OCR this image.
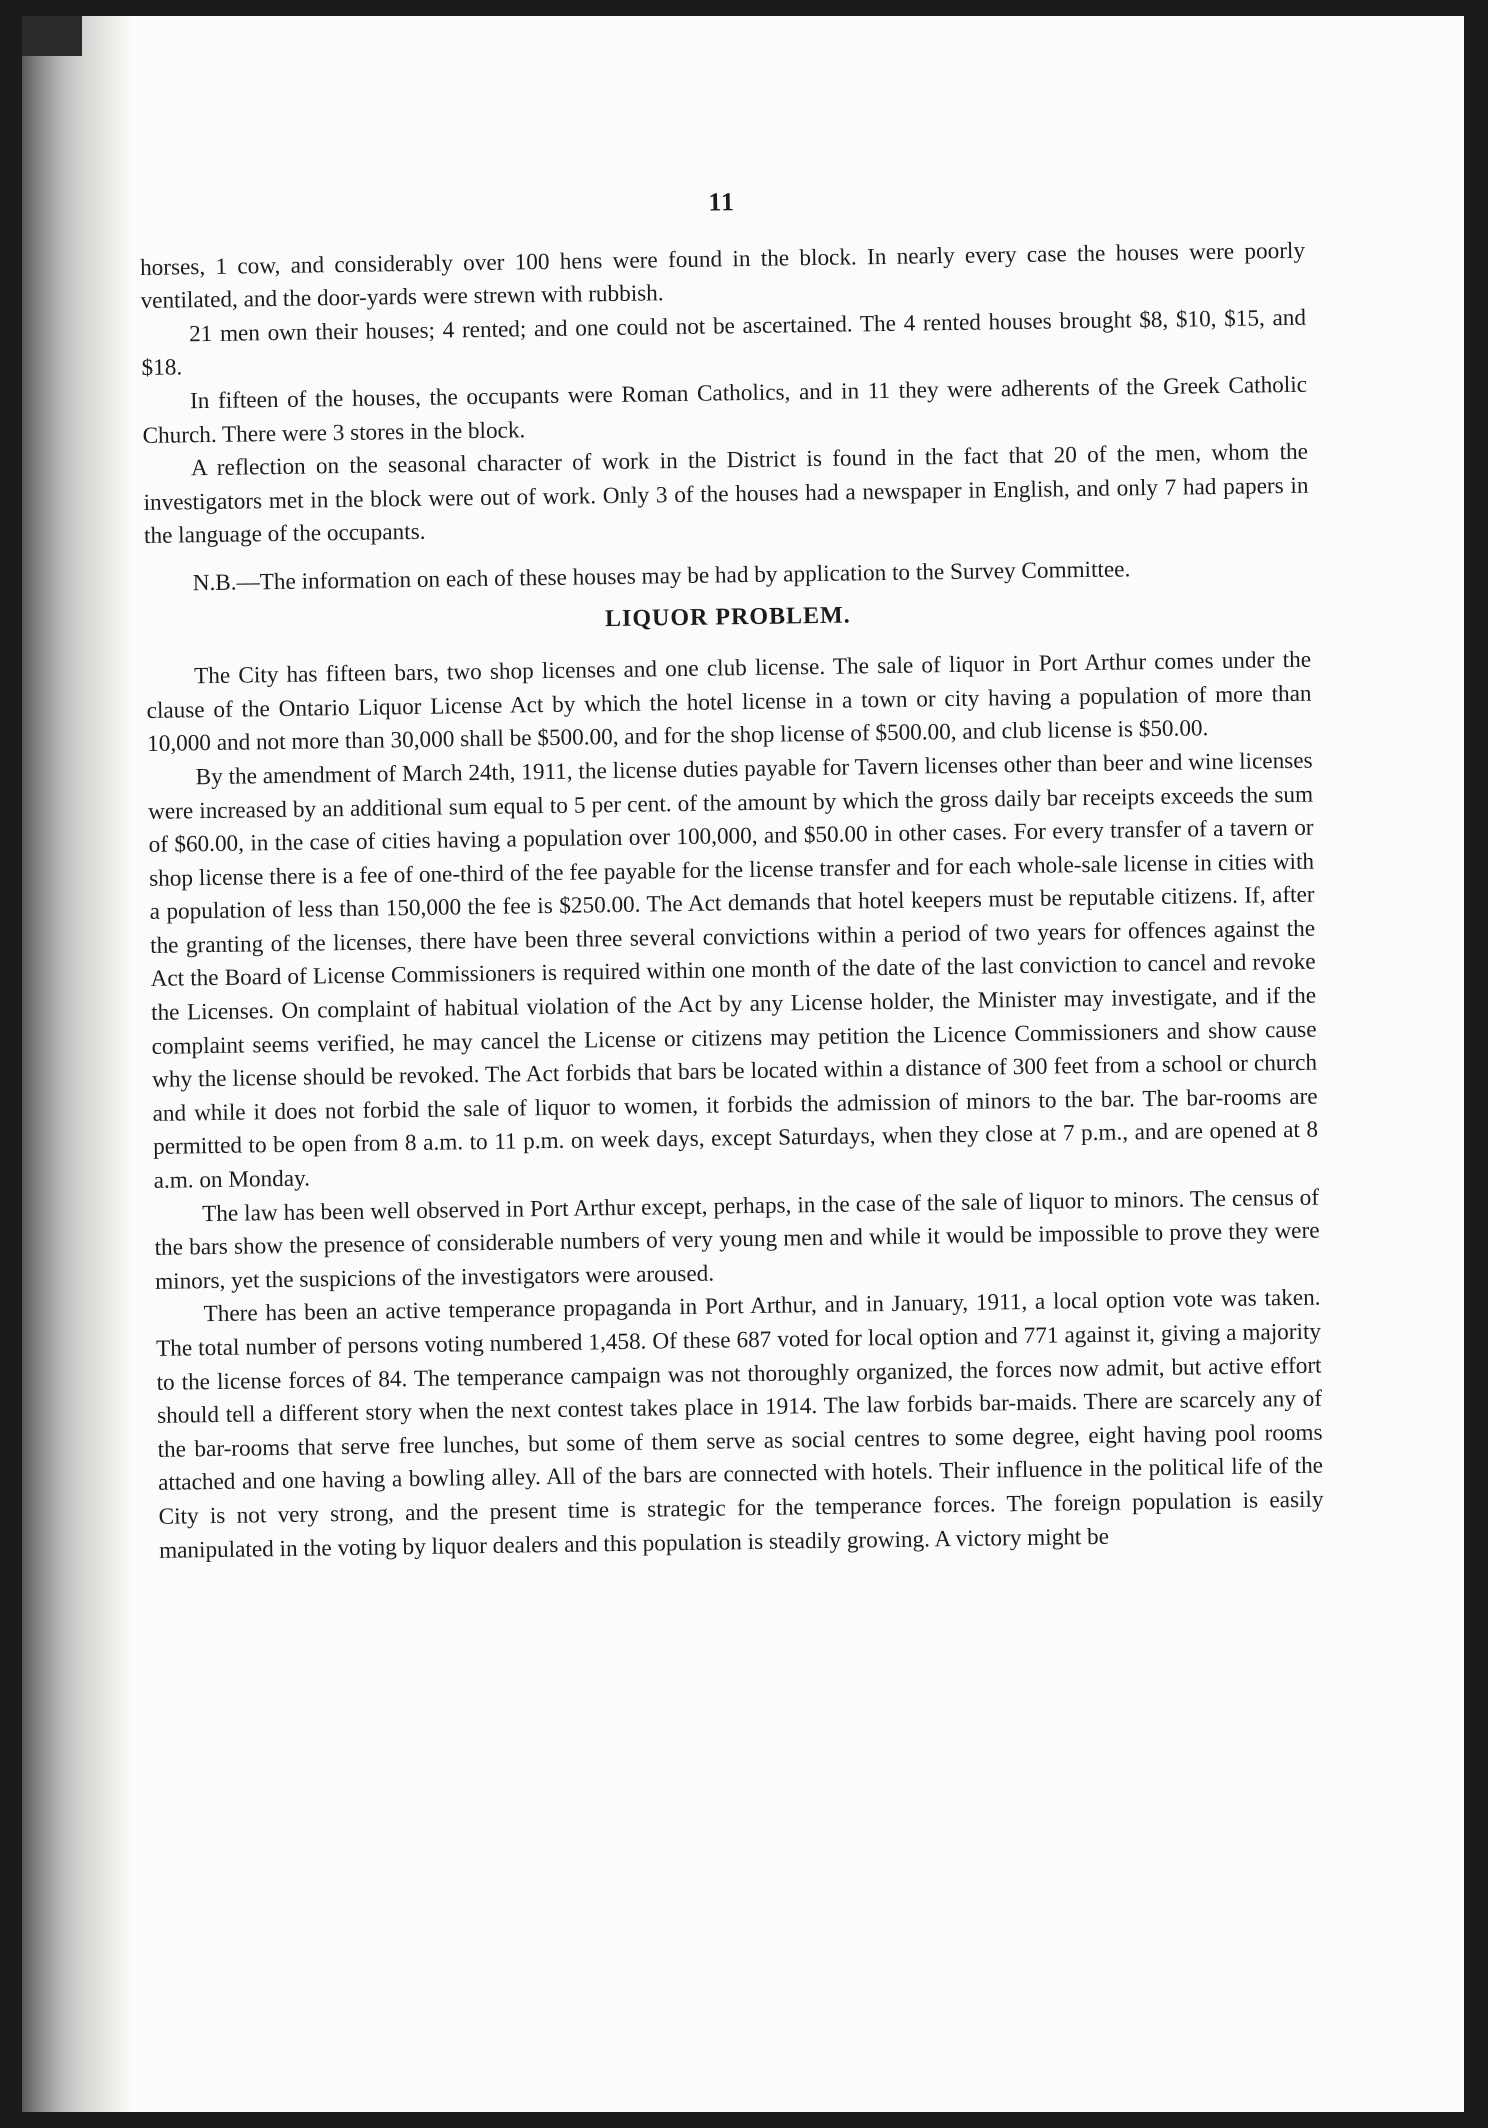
11

horses, 1 cow, and considerably over 100 hens were found in the block. In nearly every case the houses were poorly ventilated, and the door-yards were strewn with rubbish.

21 men own their houses; 4 rented; and one could not be ascertained. The 4 rented houses brought $8, $10, $15, and $18.

In fifteen of the houses, the occupants were Roman Catholics, and in 11 they were adherents of the Greek Catholic Church. There were 3 stores in the block.

A reflection on the seasonal character of work in the District is found in the fact that 20 of the men, whom the investigators met in the block were out of work. Only 3 of the houses had a newspaper in English, and only 7 had papers in the language of the occupants.

N.B.—The information on each of these houses may be had by application to the Survey Committee.

LIQUOR PROBLEM.

The City has fifteen bars, two shop licenses and one club license. The sale of liquor in Port Arthur comes under the clause of the Ontario Liquor License Act by which the hotel license in a town or city having a population of more than 10,000 and not more than 30,000 shall be $500.00, and for the shop license of $500.00, and club license is $50.00.

By the amendment of March 24th, 1911, the license duties payable for Tavern licenses other than beer and wine licenses were increased by an additional sum equal to 5 per cent. of the amount by which the gross daily bar receipts exceeds the sum of $60.00, in the case of cities having a population over 100,000, and $50.00 in other cases. For every transfer of a tavern or shop license there is a fee of one-third of the fee payable for the license transfer and for each whole-sale license in cities with a population of less than 150,000 the fee is $250.00. The Act demands that hotel keepers must be reputable citizens. If, after the granting of the licenses, there have been three several convictions within a period of two years for offences against the Act the Board of License Commissioners is required within one month of the date of the last conviction to cancel and revoke the Licenses. On complaint of habitual violation of the Act by any License holder, the Minister may investigate, and if the complaint seems verified, he may cancel the License or citizens may petition the Licence Commissioners and show cause why the license should be revoked. The Act forbids that bars be located within a distance of 300 feet from a school or church and while it does not forbid the sale of liquor to women, it forbids the admission of minors to the bar. The bar-rooms are permitted to be open from 8 a.m. to 11 p.m. on week days, except Saturdays, when they close at 7 p.m., and are opened at 8 a.m. on Monday.

The law has been well observed in Port Arthur except, perhaps, in the case of the sale of liquor to minors. The census of the bars show the presence of considerable numbers of very young men and while it would be impossible to prove they were minors, yet the suspicions of the investigators were aroused.

There has been an active temperance propaganda in Port Arthur, and in January, 1911, a local option vote was taken. The total number of persons voting numbered 1,458. Of these 687 voted for local option and 771 against it, giving a majority to the license forces of 84. The temperance campaign was not thoroughly organized, the forces now admit, but active effort should tell a different story when the next contest takes place in 1914. The law forbids bar-maids. There are scarcely any of the bar-rooms that serve free lunches, but some of them serve as social centres to some degree, eight having pool rooms attached and one having a bowling alley. All of the bars are connected with hotels. Their influence in the political life of the City is not very strong, and the present time is strategic for the temperance forces. The foreign population is easily manipulated in the voting by liquor dealers and this population is steadily growing. A victory might be
